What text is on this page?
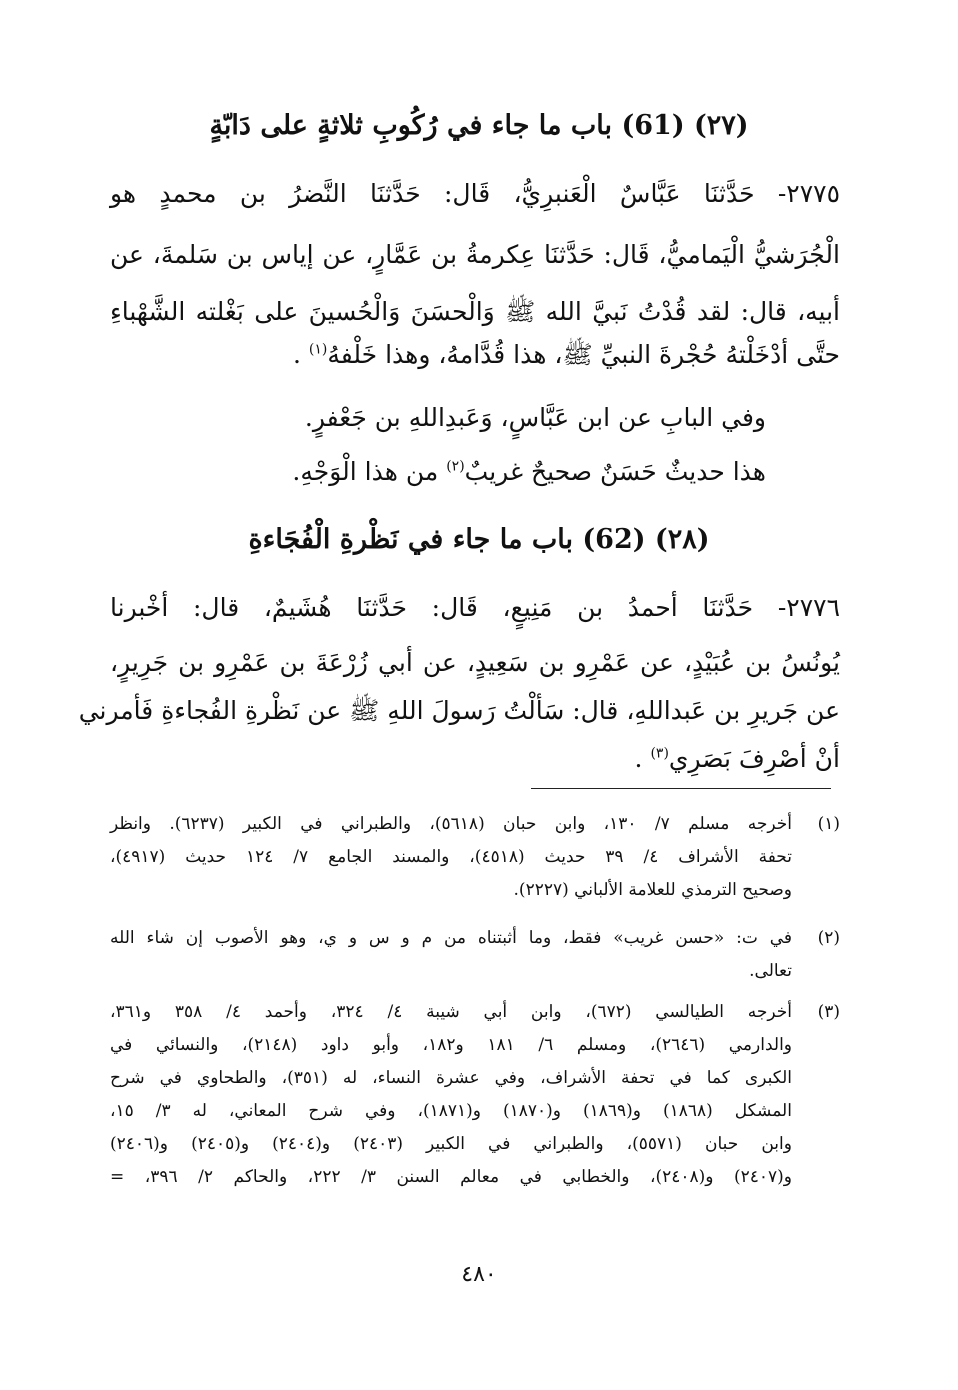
(٢٧) (61) باب ما جاء في رُكُوبِ ثلاثةٍ على دَابّةٍ
٢٧٧٥- حَدَّثنَا عَبَّاسٌ الْعَنبرِيُّ، قَال: حَدَّثنَا النَّضرُ بن محمدٍ هو
الْجُرَشيُّ الْيَماميُّ، قَال: حَدَّثنَا عِكرمةُ بن عَمَّارٍ، عن إياس بن سَلمةَ، عن
أبيه، قال: لقد قُدْتُ نَبيَّ الله ﷺ وَالْحسَنَ وَالْحُسينَ على بَغْلته الشَّهْباءِ
حتَّى أدْخَلْتهُ حُجْرةَ النبيِّ ﷺ، هذا قُدَّامهُ، وهذا خَلْفهُ$^{(١)}$ .
وفي البابِ عن ابن عَبَّاسٍ، وَعَبدِاللهِ بن جَعْفرٍ.
هذا حديثٌ حَسَنٌ صحيحٌ غريبٌ$^{(٢)}$ من هذا الْوَجْهِ.
(٢٨) (62) باب ما جاء في نَظْرةِ الْفُجَاءةِ
٢٧٧٦- حَدَّثنَا أحمدُ بن مَنِيعٍ، قَال: حَدَّثنَا هُشَيمٌ، قال: أخْبرنا
يُونُسُ بن عُبَيْدٍ، عن عَمْرِو بن سَعِيدٍ، عن أبي زُرْعَةَ بن عَمْرِو بن جَرِيرٍ،
عن جَريرِ بن عَبداللهِ، قال: سَألْتُ رَسولَ اللهِ ﷺ عن نَظْرةِ الفُجاءةِ فَأمرني
أنْ أصْرِفَ بَصَرِي$^{(٣)}$ .
(١)
أخرجه مسلم ٧/ ١٣٠، وابن حبان (٥٦١٨)، والطبراني في الكبير (٦٢٣٧). وانظر
تحفة الأشراف ٤/ ٣٩ حديث (٤٥١٨)، والمسند الجامع ٧/ ١٢٤ حديث (٤٩١٧)،
وصحيح الترمذي للعلامة الألباني (٢٢٢٧).
(٢)
في ت: «حسن غريب» فقط، وما أثبتناه من م و س و ي، وهو الأصوب إن شاء الله
تعالى.
(٣)
أخرجه الطيالسي (٦٧٢)، وابن أبي شيبة ٤/ ٣٢٤، وأحمد ٤/ ٣٥٨ و٣٦١،
والدارمي (٢٦٤٦)، ومسلم ٦/ ١٨١ و١٨٢، وأبو داود (٢١٤٨)، والنسائي في
الكبرى كما في تحفة الأشراف، وفي عشرة النساء، له (٣٥١)، والطحاوي في شرح
المشكل (١٨٦٨) و(١٨٦٩) و(١٨٧٠) و(١٨٧١)، وفي شرح المعاني، له ٣/ ١٥،
وابن حبان (٥٥٧١)، والطبراني في الكبير (٢٤٠٣) و(٢٤٠٤) و(٢٤٠٥) و(٢٤٠٦)
و(٢٤٠٧) و(٢٤٠٨)، والخطابي في معالم السنن ٣/ ٢٢٢، والحاكم ٢/ ٣٩٦، =
٤٨٠
